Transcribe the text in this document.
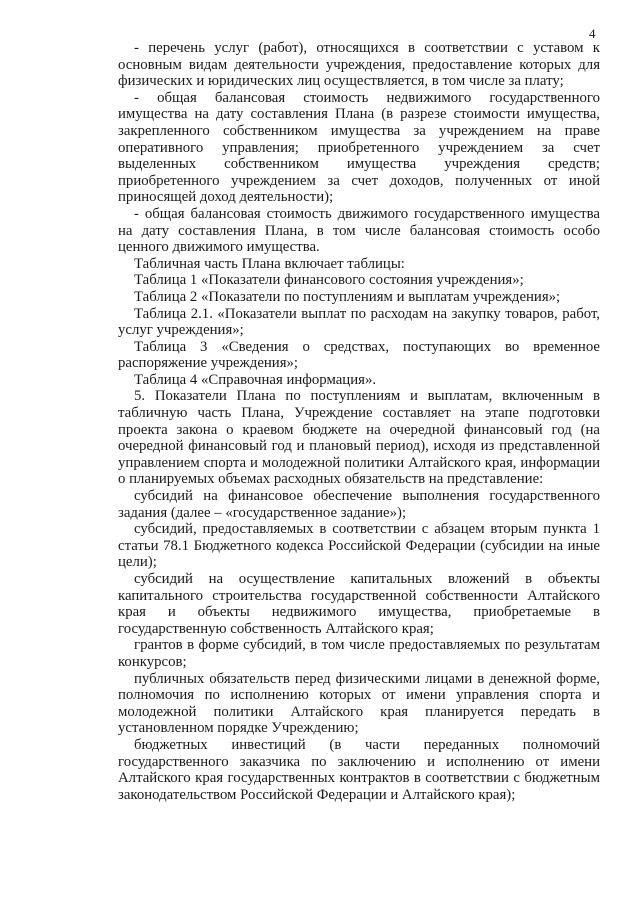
4

- перечень услуг (работ), относящихся в соответствии с уставом к основным видам деятельности учреждения, предоставление которых для физических и юридических лиц осуществляется, в том числе за плату;

- общая балансовая стоимость недвижимого государственного имущества на дату составления Плана (в разрезе стоимости имущества, закрепленного собственником имущества за учреждением на праве оперативного управления; приобретенного учреждением за счет выделенных собственником имущества учреждения средств; приобретенного учреждением за счет доходов, полученных от иной приносящей доход деятельности);

- общая балансовая стоимость движимого государственного имущества на дату составления Плана, в том числе балансовая стоимость особо ценного движимого имущества.

Табличная часть Плана включает таблицы:

Таблица 1 «Показатели финансового состояния учреждения»;

Таблица 2 «Показатели по поступлениям и выплатам учреждения»;

Таблица 2.1. «Показатели выплат по расходам на закупку товаров, работ, услуг учреждения»;

Таблица 3 «Сведения о средствах, поступающих во временное распоряжение учреждения»;

Таблица 4 «Справочная информация».

5. Показатели Плана по поступлениям и выплатам, включенным в табличную часть Плана, Учреждение составляет на этапе подготовки проекта закона о краевом бюджете на очередной финансовый год (на очередной финансовый год и плановый период), исходя из представленной управлением спорта и молодежной политики Алтайского края, информации о планируемых объемах расходных обязательств на представление:

субсидий на финансовое обеспечение выполнения государственного задания (далее – «государственное задание»);

субсидий, предоставляемых в соответствии с абзацем вторым пункта 1 статьи 78.1 Бюджетного кодекса Российской Федерации (субсидии на иные цели);

субсидий на осуществление капитальных вложений в объекты капитального строительства государственной собственности Алтайского края и объекты недвижимого имущества, приобретаемые в государственную собственность Алтайского края;

грантов в форме субсидий, в том числе предоставляемых по результатам конкурсов;

публичных обязательств перед физическими лицами в денежной форме, полномочия по исполнению которых от имени управления спорта и молодежной политики Алтайского края планируется передать в установленном порядке Учреждению;

бюджетных инвестиций (в части переданных полномочий государственного заказчика по заключению и исполнению от имени Алтайского края государственных контрактов в соответствии с бюджетным законодательством Российской Федерации и Алтайского края);
